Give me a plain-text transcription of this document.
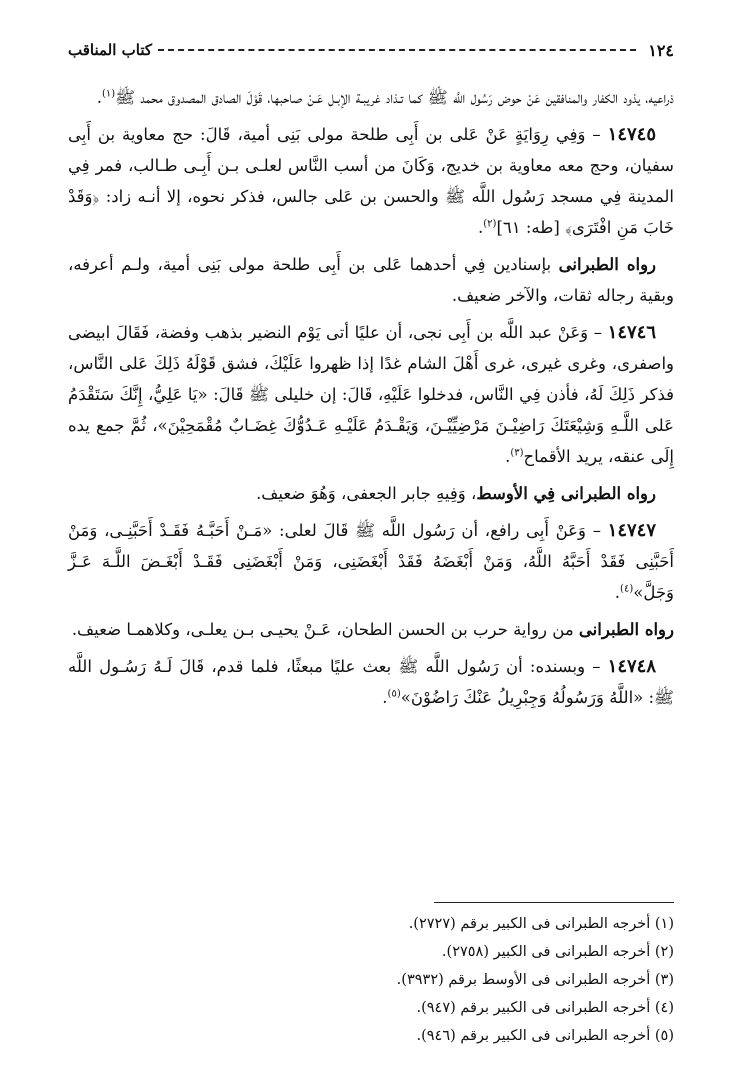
١٢٤
كتاب المناقب

ذراعيه، يذود الكفار والمنافقين عَنْ حوض رَسُول اللَّه ﷺ كما تـذاد غريبـة الإبـل عَـنْ صاحبها، قَوْلَ الصادق المصدوق محمد ﷺ$^{(١)}$.

١٤٧٤٥ – وَفِي رِوَايَةٍ عَنْ عَلى بن أَبِى طلحة مولى بَنِى أمية، قَالَ: حج معاوية بن أَبِى سفيان، وحج معه معاوية بن خديج، وَكَانَ من أسب النَّاس لعلـى بـن أَبِـى طـالب، فمر فِي المدينة فِي مسجد رَسُول اللَّه ﷺ والحسن بن عَلى جالس، فذكر نحوه، إلا أنـه زاد: ﴿وَقَدْ خَابَ مَنِ افْتَرَى﴾ [طه: ٦١]$^{(٢)}$.

رواه الطبرانى بإسنادين فِي أحدهما عَلى بن أَبِى طلحة مولى بَنِى أمية، ولـم أعرفه، وبقية رجاله ثقات، والآخر ضعيف.

١٤٧٤٦ – وَعَنْ عبد اللَّه بن أَبِى نجى، أن عليًا أتى يَوْم النضير بذهب وفضة، فَقَالَ ابيضى واصفرى، وغرى غيرى، غرى أَهْلَ الشام غدًا إذا ظهروا عَلَيْكَ، فشق قَوْلَهُ ذَلِكَ عَلى النَّاس، فذكر ذَلِكَ لَهُ، فأذن فِي النَّاس، فدخلوا عَلَيْهِ، قَالَ: إن خليلى ﷺ قَالَ: «يَا عَلِيُّ، إِنَّكَ سَتَقْدَمُ عَلى اللَّـهِ وَشِيْعَتَكَ رَاضِيْـنَ مَرْضِيِّيْـنَ، وَيَقْـدَمُ عَلَيْـهِ عَـدُوُّكَ غِضَـابٌ مُقْمَحِيْنَ»، ثُمَّ جمع يده إِلَى عنقه، يريد الأقماح$^{(٣)}$.

رواه الطبرانى فِي الأوسط، وَفِيهِ جابر الجعفى، وَهُوَ ضعيف.

١٤٧٤٧ – وَعَنْ أَبِى رافع، أن رَسُول اللَّه ﷺ قَالَ لعلى: «مَـنْ أَحَبَّـهُ فَقَـدْ أَحَبَّنِـى، وَمَنْ أَحَبَّنِى فَقَدْ أَحَبَّهُ اللَّهُ، وَمَنْ أَبْغَضَهُ فَقَدْ أَبْغَضَنِى، وَمَنْ أَبْغَضَنِى فَقَـدْ أَبْغَـضَ اللَّـهَ عَـزَّ وَجَلَّ»$^{(٤)}$.

رواه الطبرانى من رواية حرب بن الحسن الطحان، عَـنْ يحيـى بـن يعلـى، وكلاهمـا ضعيف.

١٤٧٤٨ – وبسنده: أن رَسُول اللَّه ﷺ بعث عليًا مبعثًا، فلما قدم، قَالَ لَـهُ رَسُـول اللَّه ﷺ: «اللَّهُ وَرَسُولُهُ وَجِبْرِيلُ عَنْكَ رَاضُوْنَ»$^{(٥)}$.

(١) أخرجه الطبرانى فى الكبير برقم (٢٧٢٧).
(٢) أخرجه الطبرانى فى الكبير (٢٧٥٨).
(٣) أخرجه الطبرانى فى الأوسط برقم (٣٩٣٢).
(٤) أخرجه الطبرانى فى الكبير برقم (٩٤٧).
(٥) أخرجه الطبرانى فى الكبير برقم (٩٤٦).
